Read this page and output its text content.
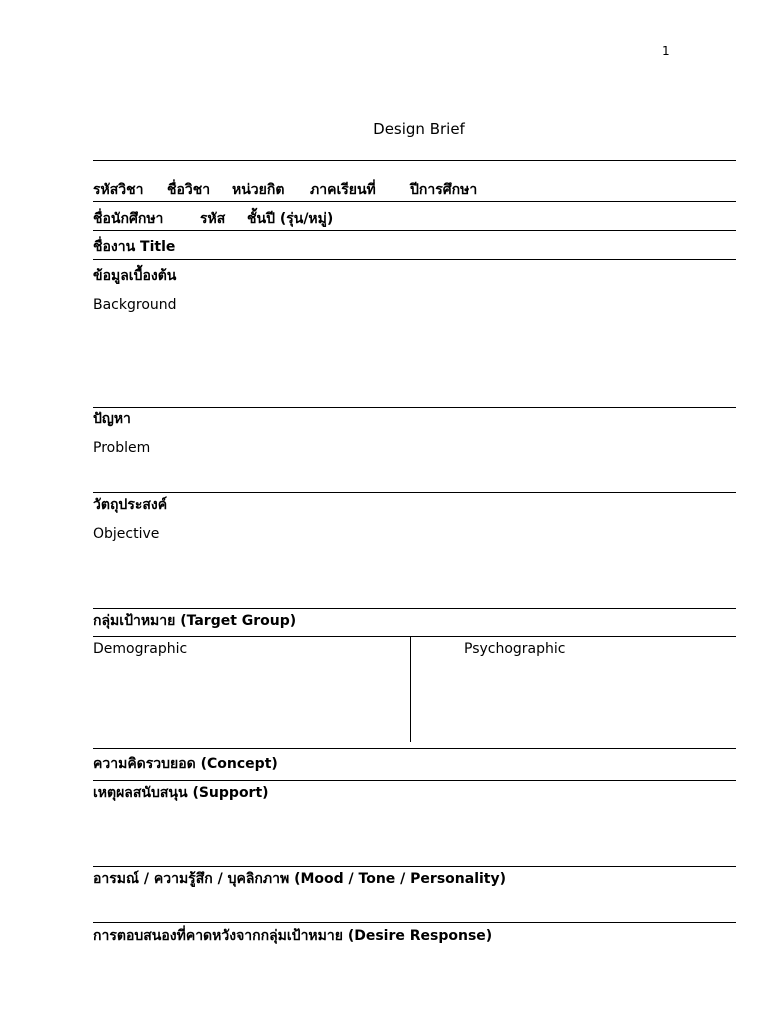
1
Design Brief
รหัสวิชา ชื่อวิชา หน่วยกิต ภาคเรียนที่ ปีการศึกษา
ชื่อนักศึกษา	รหัส ชั้นปี (รุ่น/หมู่)
ชื่องาน Title
ข้อมูลเบื้องต้น
Background
ปัญหา
Problem
วัตถุประสงค์
Objective
กลุ่มเป้าหมาย (Target Group)
Demographic	Psychographic
ความคิดรวบยอด (Concept)
เหตุผลสนับสนุน (Support)
อารมณ์ / ความรู้สึก / บุคลิกภาพ (Mood / Tone / Personality)
การตอบสนองที่คาดหวังจากกลุ่มเป้าหมาย (Desire Response)
